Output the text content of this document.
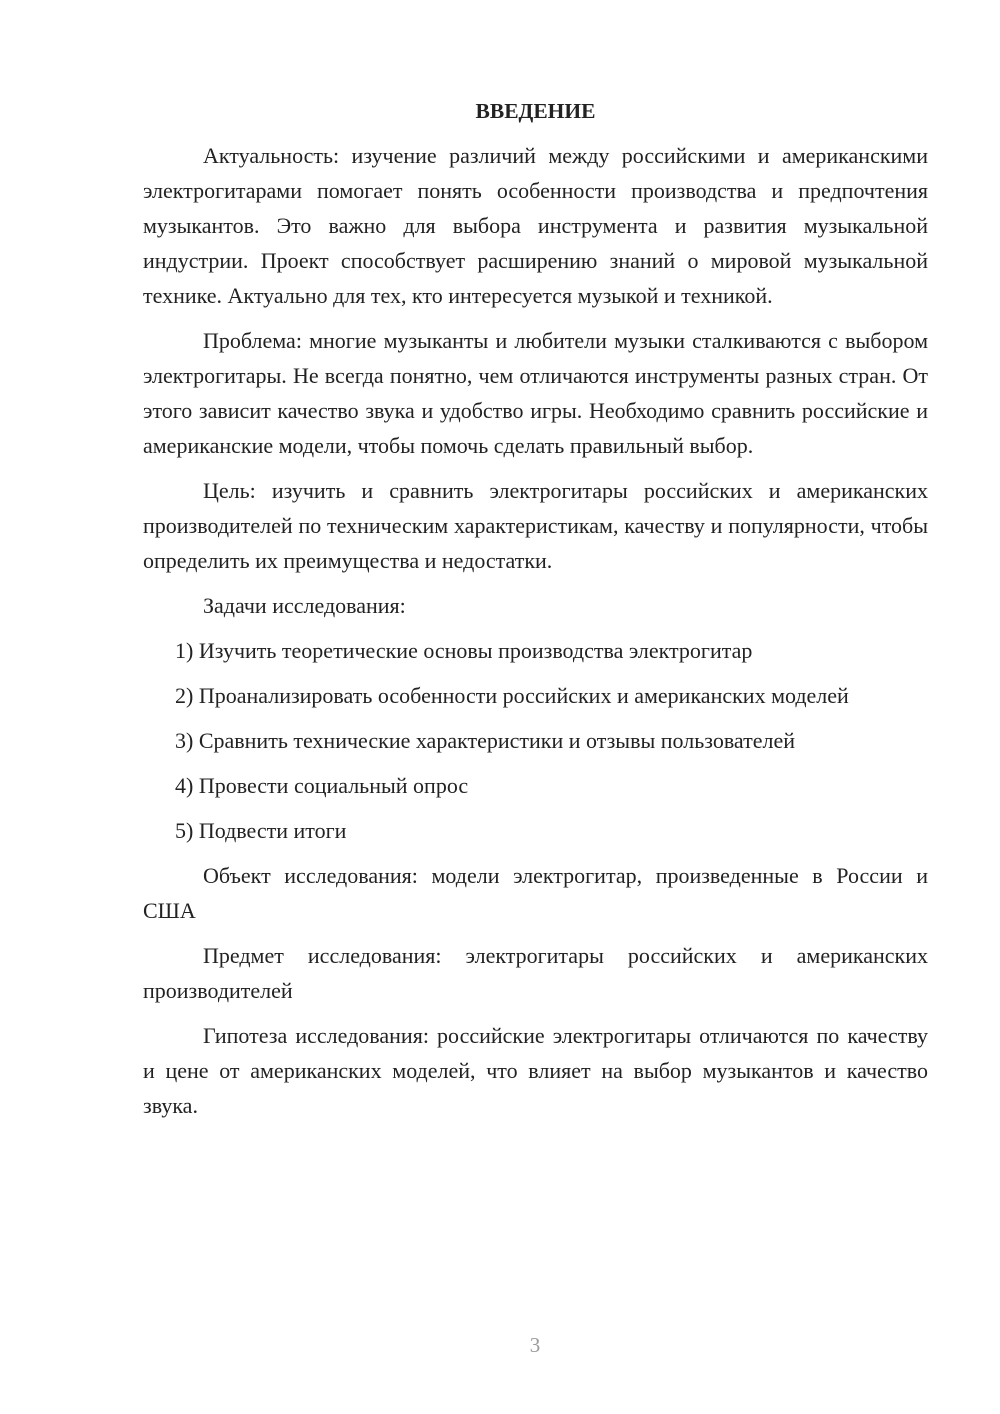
ВВЕДЕНИЕ

Актуальность: изучение различий между российскими и американскими электрогитарами помогает понять особенности производства и предпочтения музыкантов. Это важно для выбора инструмента и развития музыкальной индустрии. Проект способствует расширению знаний о мировой музыкальной технике. Актуально для тех, кто интересуется музыкой и техникой.

Проблема: многие музыканты и любители музыки сталкиваются с выбором электрогитары. Не всегда понятно, чем отличаются инструменты разных стран. От этого зависит качество звука и удобство игры. Необходимо сравнить российские и американские модели, чтобы помочь сделать правильный выбор.

Цель: изучить и сравнить электрогитары российских и американских производителей по техническим характеристикам, качеству и популярности, чтобы определить их преимущества и недостатки.

Задачи исследования:

1) Изучить теоретические основы производства электрогитар

2) Проанализировать особенности российских и американских моделей

3) Сравнить технические характеристики и отзывы пользователей

4) Провести социальный опрос

5) Подвести итоги

Объект исследования: модели электрогитар, произведенные в России и США

Предмет исследования: электрогитары российских и американских производителей

Гипотеза исследования: российские электрогитары отличаются по качеству и цене от американских моделей, что влияет на выбор музыкантов и качество звука.

3
